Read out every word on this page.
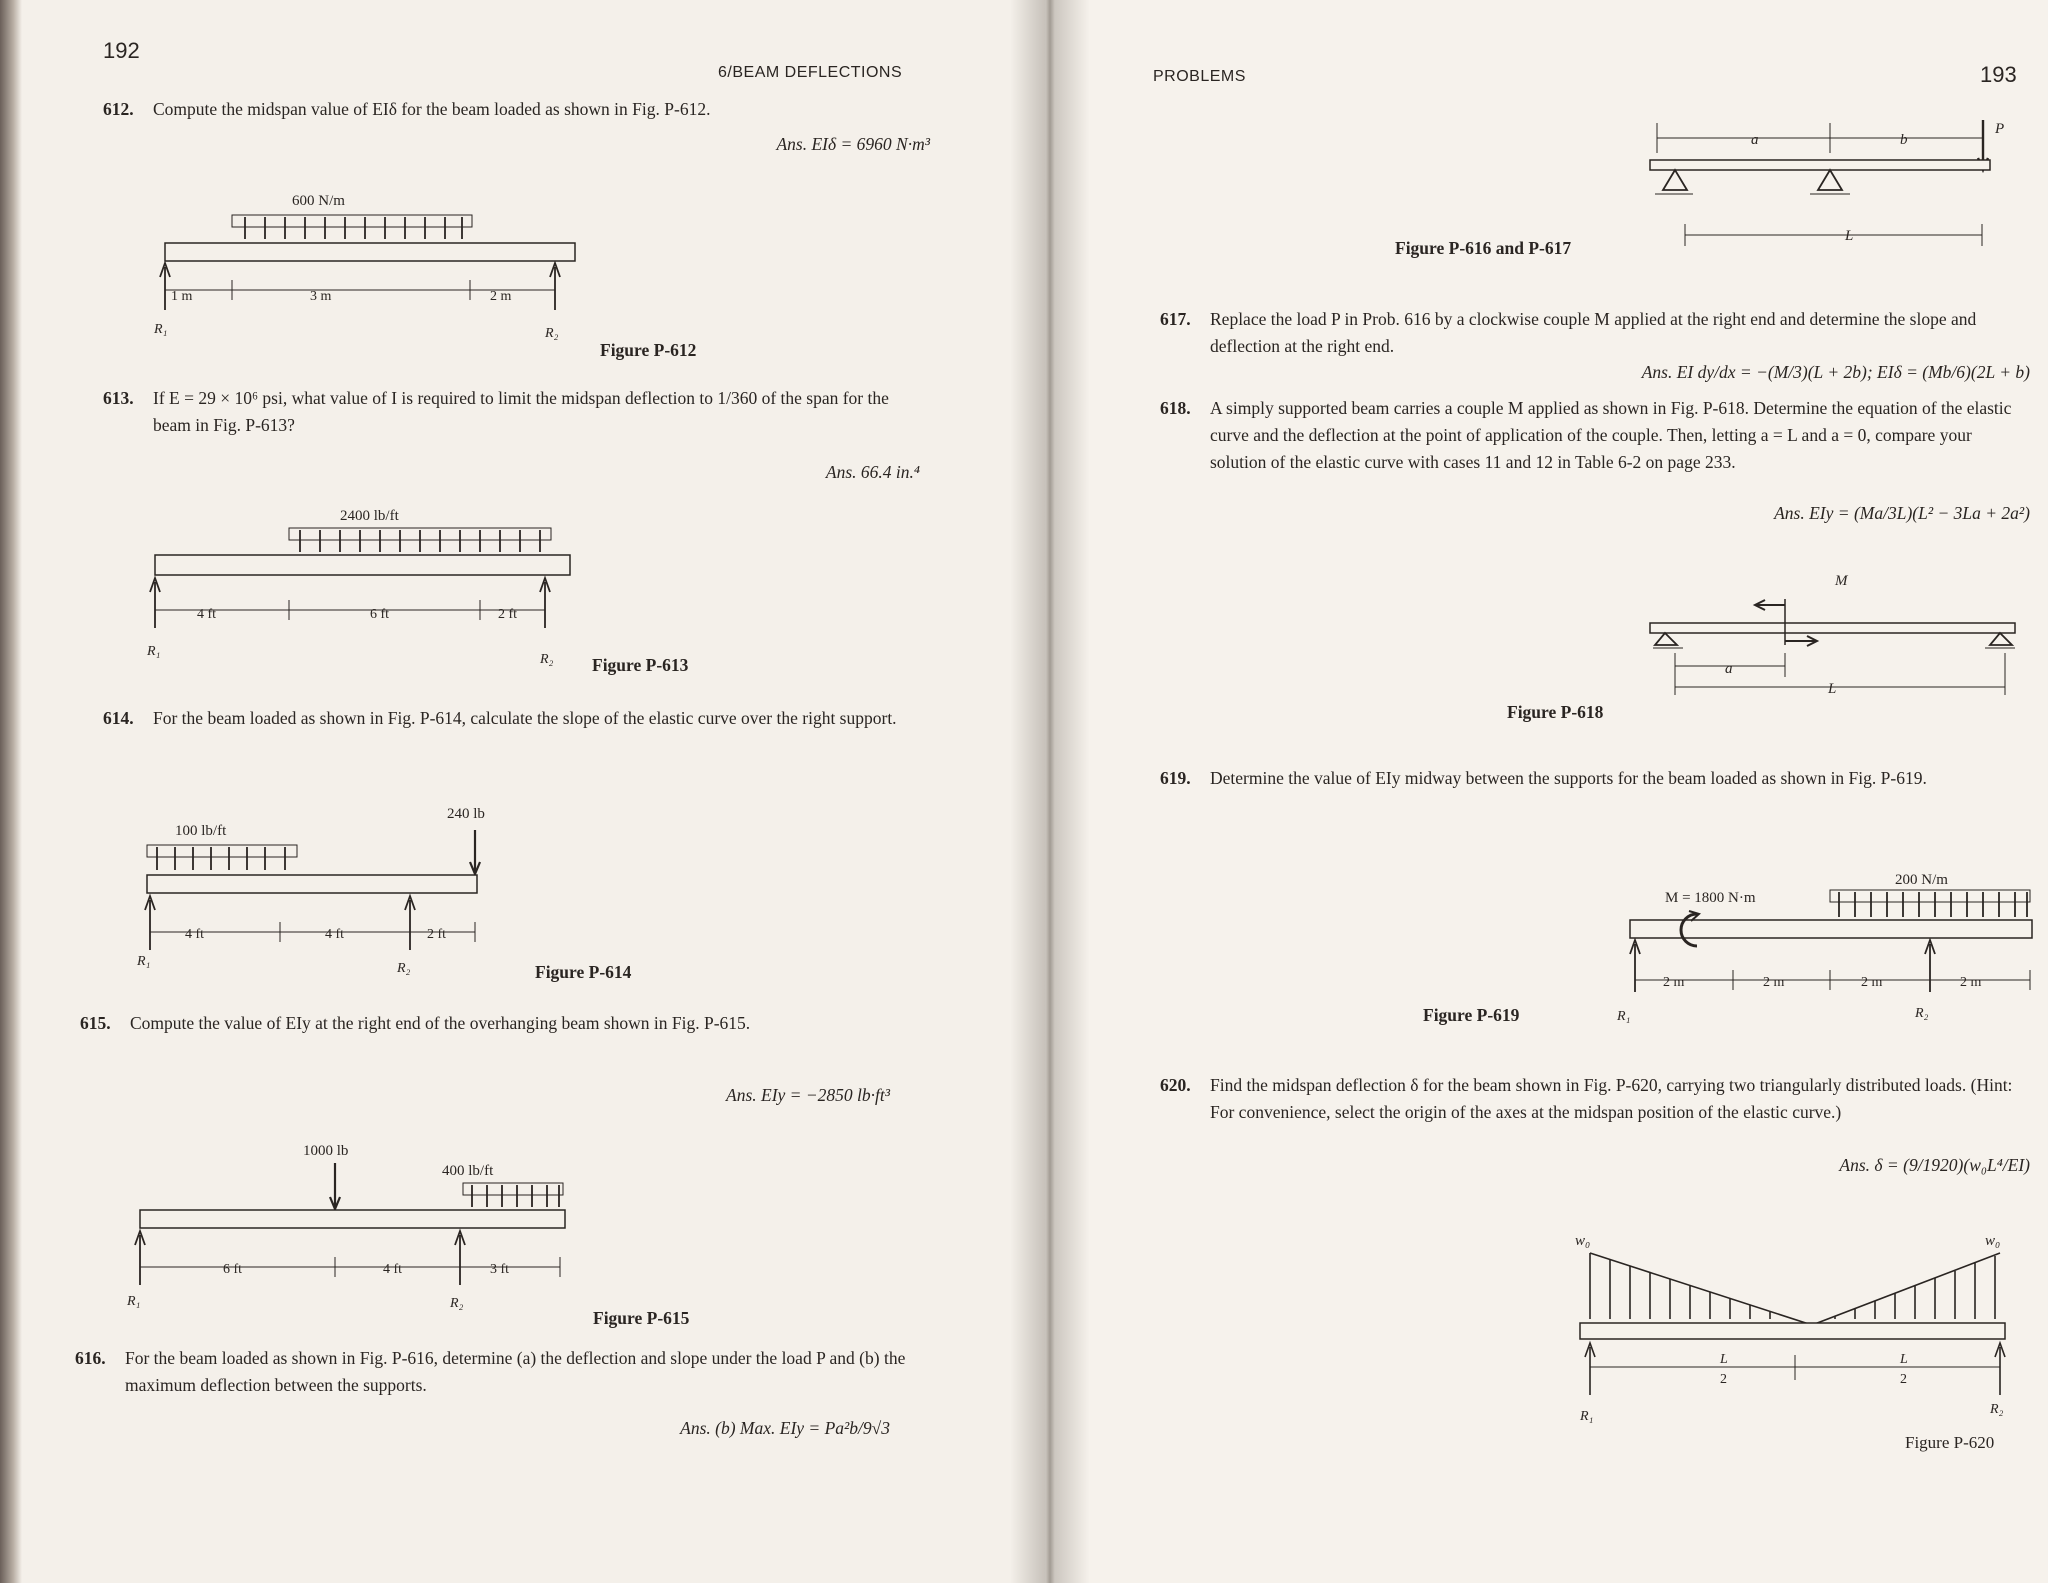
192
6/BEAM DEFLECTIONS
612. Compute the midspan value of EIδ for the beam loaded as shown in Fig. P-612.
Ans. EIδ = 6960 N·m³
600 N/m
1 m	3 m	2 m
R₁	R₂
Figure P-612
613. If E = 29 × 10⁶ psi, what value of I is required to limit the midspan deflection to 1/360 of the span for the beam in Fig. P-613?
Ans. 66.4 in.⁴
2400 lb/ft
4 ft	6 ft	2 ft
R₁
R₂ Figure P-613
614. For the beam loaded as shown in Fig. P-614, calculate the slope of the elastic curve over the right support.
100 lb/ft
240 lb
4 ft	4 ft	2 ft
R₁	R₂	Figure P-614
615. Compute the value of EIy at the right end of the overhanging beam shown in Fig. P-615.
Ans. EIy = −2850 lb·ft³
1000 lb
400 lb/ft
6 ft	4 ft	3 ft
R₁	R₂
Figure P-615
616. For the beam loaded as shown in Fig. P-616, determine (a) the deflection and slope under the load P and (b) the maximum deflection between the supports.
Ans. (b) Max. EIy = Pa²b/9√3
PROBLEMS	193
a	b
P
L
Figure P-616 and P-617
617. Replace the load P in Prob. 616 by a clockwise couple M applied at the right end and determine the slope and deflection at the right end.
Ans. EI dy/dx = −(M/3)(L + 2b); EIδ = (Mb/6)(2L + b)
618. A simply supported beam carries a couple M applied as shown in Fig. P-618. Determine the equation of the elastic curve and the deflection at the point of application of the couple. Then, letting a = L and a = 0, compare your solution of the elastic curve with cases 11 and 12 in Table 6-2 on page 233.
Ans. EIy = (Ma/3L)(L² − 3La + 2a²)
M
a
L
Figure P-618
619. Determine the value of EIy midway between the supports for the beam loaded as shown in Fig. P-619.
M = 1800 N·m
200 N/m
2 m	2 m	2 m	2 m
R₁	R₂
Figure P-619
620. Find the midspan deflection δ for the beam shown in Fig. P-620, carrying two triangularly distributed loads. (Hint: For convenience, select the origin of the axes at the midspan position of the elastic curve.)
Ans. δ = (9/1920)(w₀L⁴/EI)
w₀	w₀
L
2
L
2
R₁	R₂
Figure P-620
